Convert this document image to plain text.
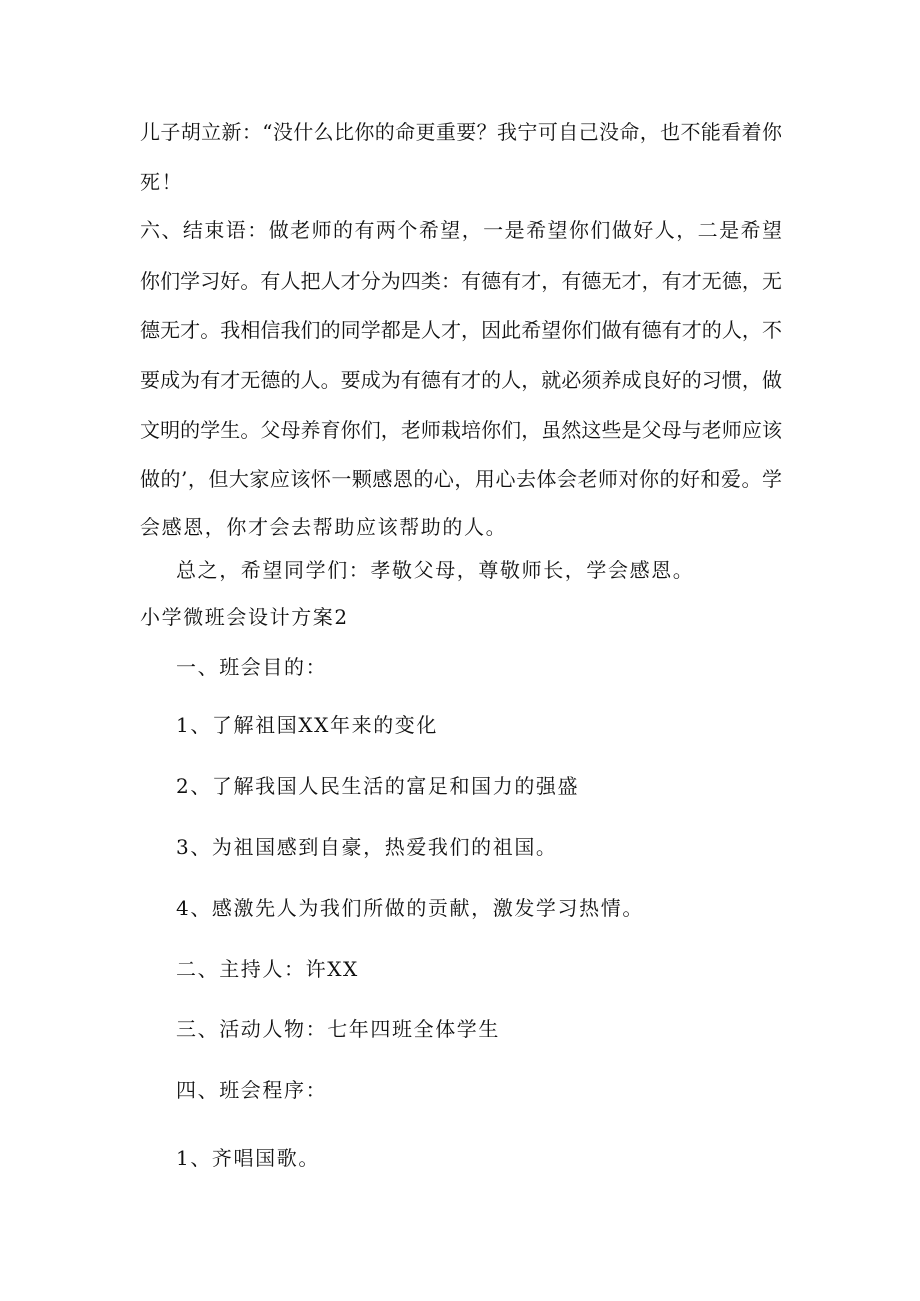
儿子胡立新：“没什么比你的命更重要？我宁可自己没命，也不能看着你

死！

六、结束语：做老师的有两个希望，一是希望你们做好人，二是希望

你们学习好。有人把人才分为四类：有德有才，有德无才，有才无德，无

德无才。我相信我们的同学都是人才，因此希望你们做有德有才的人，不

要成为有才无德的人。要成为有德有才的人，就必须养成良好的习惯，做

文明的学生。父母养育你们，老师栽培你们，虽然这些是父母与老师应该

做的’，但大家应该怀一颗感恩的心，用心去体会老师对你的好和爱。学

会感恩，你才会去帮助应该帮助的人。

总之，希望同学们：孝敬父母，尊敬师长，学会感恩。

小学微班会设计方案2

一、班会目的：

1、了解祖国XX年来的变化

2、了解我国人民生活的富足和国力的强盛

3、为祖国感到自豪，热爱我们的祖国。

4、感激先人为我们所做的贡献，激发学习热情。

二、主持人：许XX

三、活动人物：七年四班全体学生

四、班会程序：

1、齐唱国歌。
